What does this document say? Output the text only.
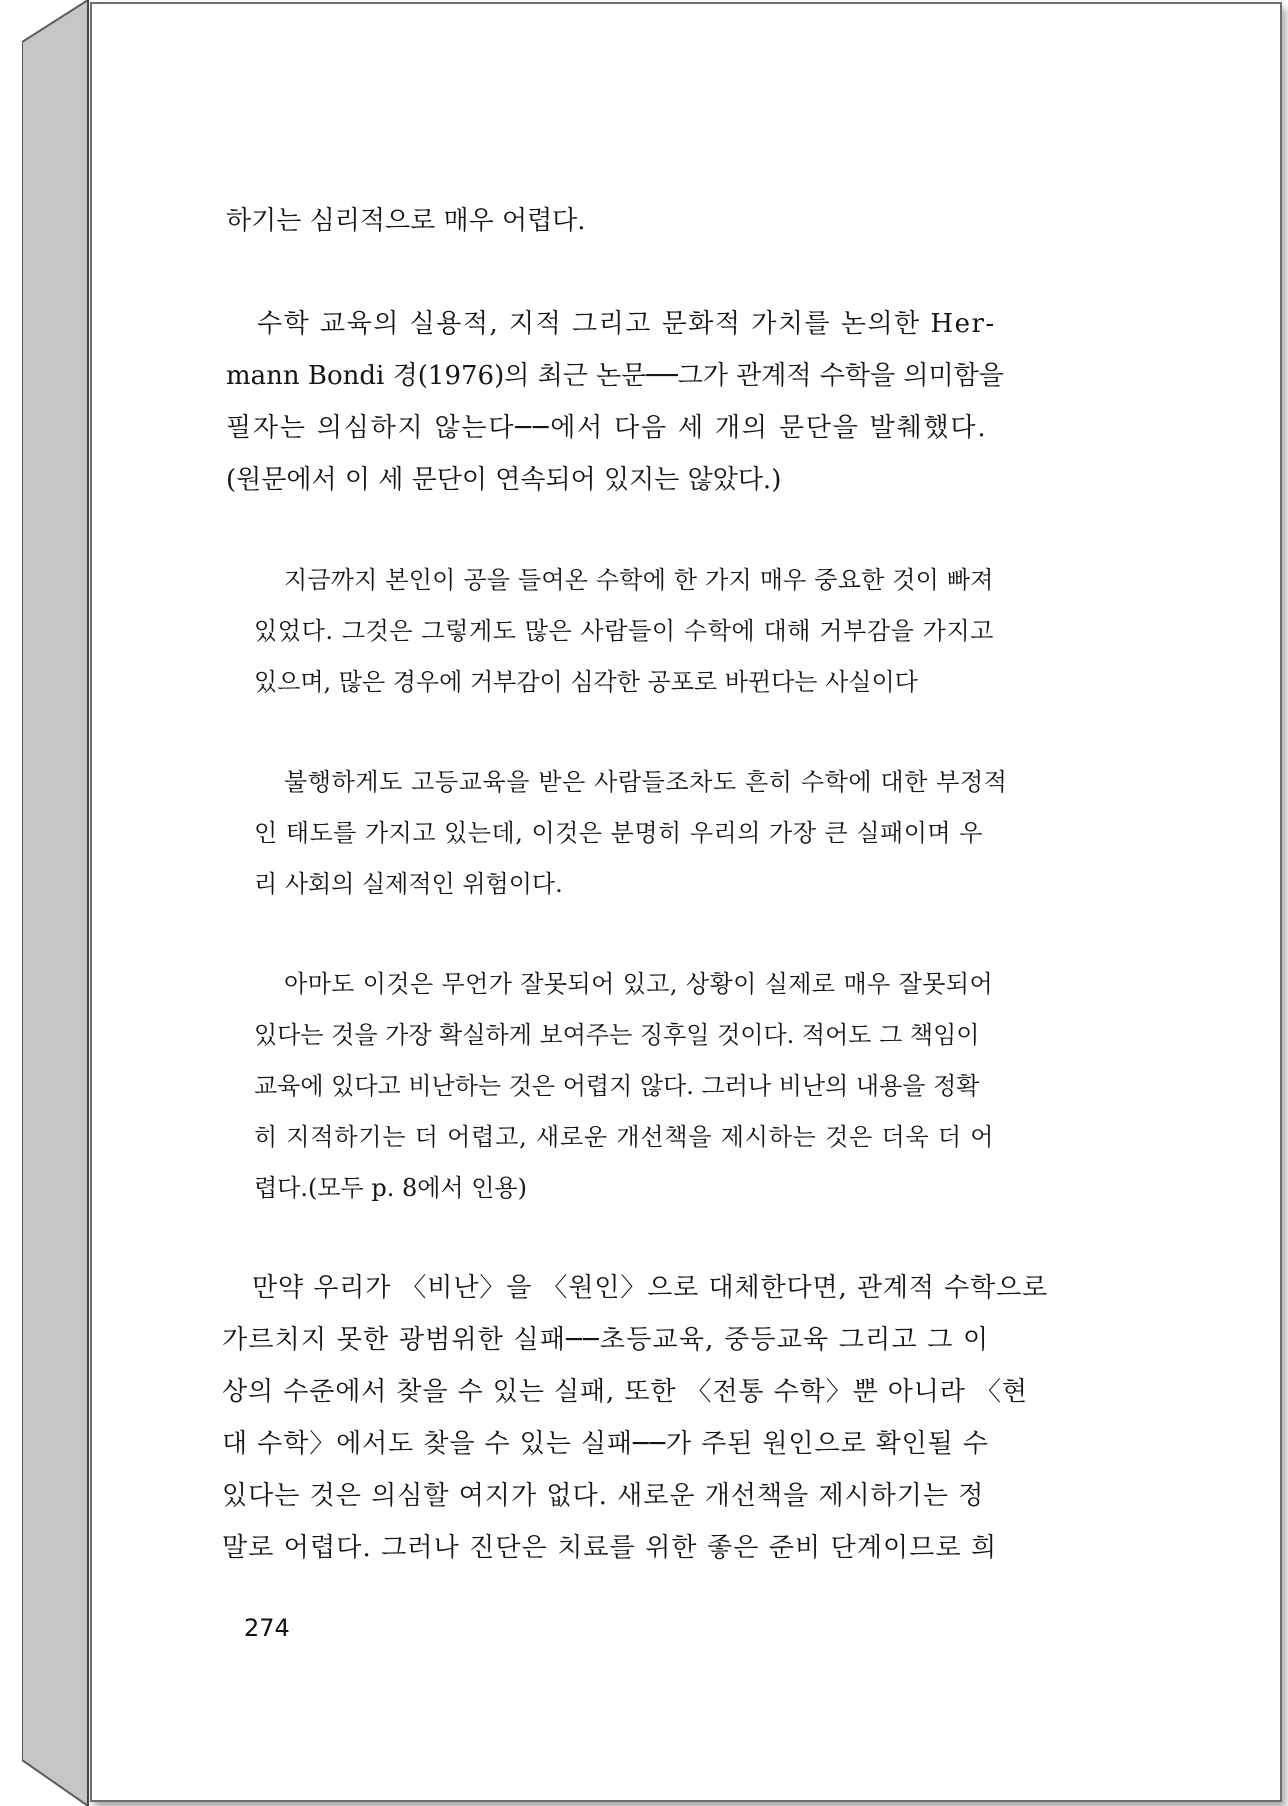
하기는 심리적으로 매우 어렵다.
수학 교육의 실용적, 지적 그리고 문화적 가치를 논의한 Her-
mann Bondi 경(1976)의 최근 논문──그가 관계적 수학을 의미함을
필자는 의심하지 않는다──에서 다음 세 개의 문단을 발췌했다.
(원문에서 이 세 문단이 연속되어 있지는 않았다.)
지금까지 본인이 공을 들여온 수학에 한 가지 매우 중요한 것이 빠져
있었다. 그것은 그렇게도 많은 사람들이 수학에 대해 거부감을 가지고
있으며, 많은 경우에 거부감이 심각한 공포로 바뀐다는 사실이다
불행하게도 고등교육을 받은 사람들조차도 흔히 수학에 대한 부정적
인 태도를 가지고 있는데, 이것은 분명히 우리의 가장 큰 실패이며 우
리 사회의 실제적인 위험이다.
아마도 이것은 무언가 잘못되어 있고, 상황이 실제로 매우 잘못되어
있다는 것을 가장 확실하게 보여주는 징후일 것이다. 적어도 그 책임이
교육에 있다고 비난하는 것은 어렵지 않다. 그러나 비난의 내용을 정확
히 지적하기는 더 어렵고, 새로운 개선책을 제시하는 것은 더욱 더 어
렵다.(모두 p. 8에서 인용)
만약 우리가 〈비난〉을 〈원인〉으로 대체한다면, 관계적 수학으로
가르치지 못한 광범위한 실패──초등교육, 중등교육 그리고 그 이
상의 수준에서 찾을 수 있는 실패, 또한 〈전통 수학〉뿐 아니라 〈현
대 수학〉에서도 찾을 수 있는 실패──가 주된 원인으로 확인될 수
있다는 것은 의심할 여지가 없다. 새로운 개선책을 제시하기는 정
말로 어렵다. 그러나 진단은 치료를 위한 좋은 준비 단계이므로 희
274
